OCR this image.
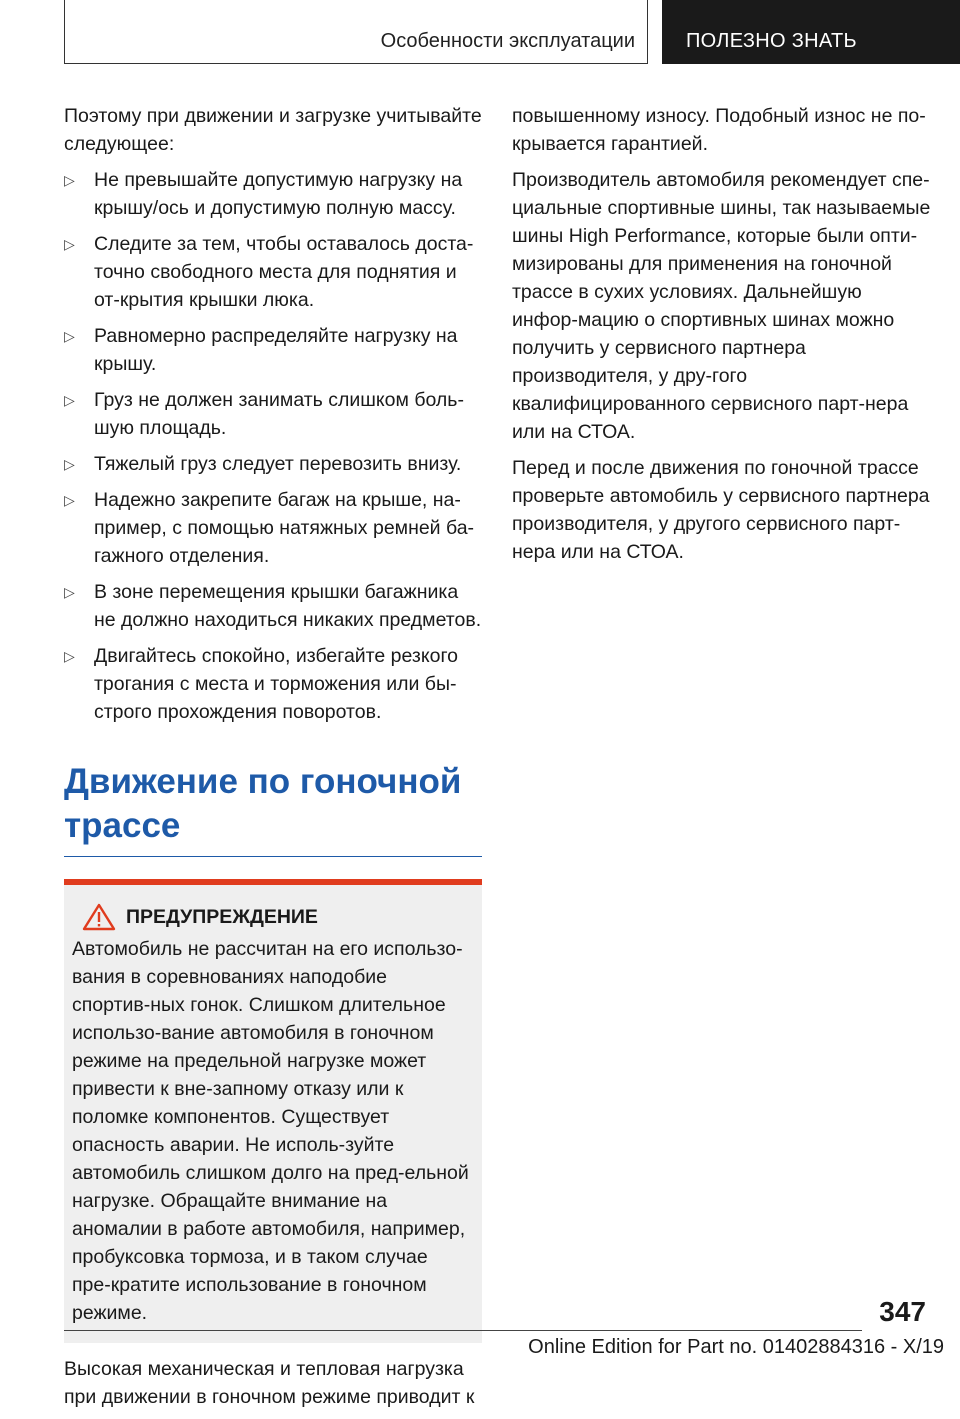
Особенности эксплуатации	ПОЛЕЗНО ЗНАТЬ

Поэтому при движении и загрузке учитывайте следующее:

▷ Не превышайте допустимую нагрузку на крышу/ось и допустимую полную массу.
▷ Следите за тем, чтобы оставалось доста-точно свободного места для поднятия и от-крытия крышки люка.
▷ Равномерно распределяйте нагрузку на крышу.
▷ Груз не должен занимать слишком боль-шую площадь.
▷ Тяжелый груз следует перевозить внизу.
▷ Надежно закрепите багаж на крыше, на-пример, с помощью натяжных ремней ба-гажного отделения.
▷ В зоне перемещения крышки багажника не должно находиться никаких предметов.
▷ Двигайтесь спокойно, избегайте резкого трогания с места и торможения или бы-строго прохождения поворотов.
Движение по гоночной трассе
ПРЕДУПРЕЖДЕНИЕ

Автомобиль не рассчитан на его использо-вания в соревнованиях наподобие спортив-ных гонок. Слишком длительное использо-вание автомобиля в гоночном режиме на предельной нагрузке может привести к вне-запному отказу или к поломке компонентов. Существует опасность аварии. Не исполь-зуйте автомобиль слишком долго на пред-ельной нагрузке. Обращайте внимание на аномалии в работе автомобиля, например, пробуксовка тормоза, и в таком случае пре-кратите использование в гоночном режиме.

Высокая механическая и тепловая нагрузка при движении в гоночном режиме приводит к

повышенному износу. Подобный износ не по-крывается гарантией.

Производитель автомобиля рекомендует спе-циальные спортивные шины, так называемые шины High Performance, которые были опти-мизированы для применения на гоночной трассе в сухих условиях. Дальнейшую инфор-мацию о спортивных шинах можно получить у сервисного партнера производителя, у дру-гого квалифицированного сервисного парт-нера или на СТОА.

Перед и после движения по гоночной трассе проверьте автомобиль у сервисного партнера производителя, у другого сервисного парт-нера или на СТОА.

347
Online Edition for Part no. 01402884316 - X/19
